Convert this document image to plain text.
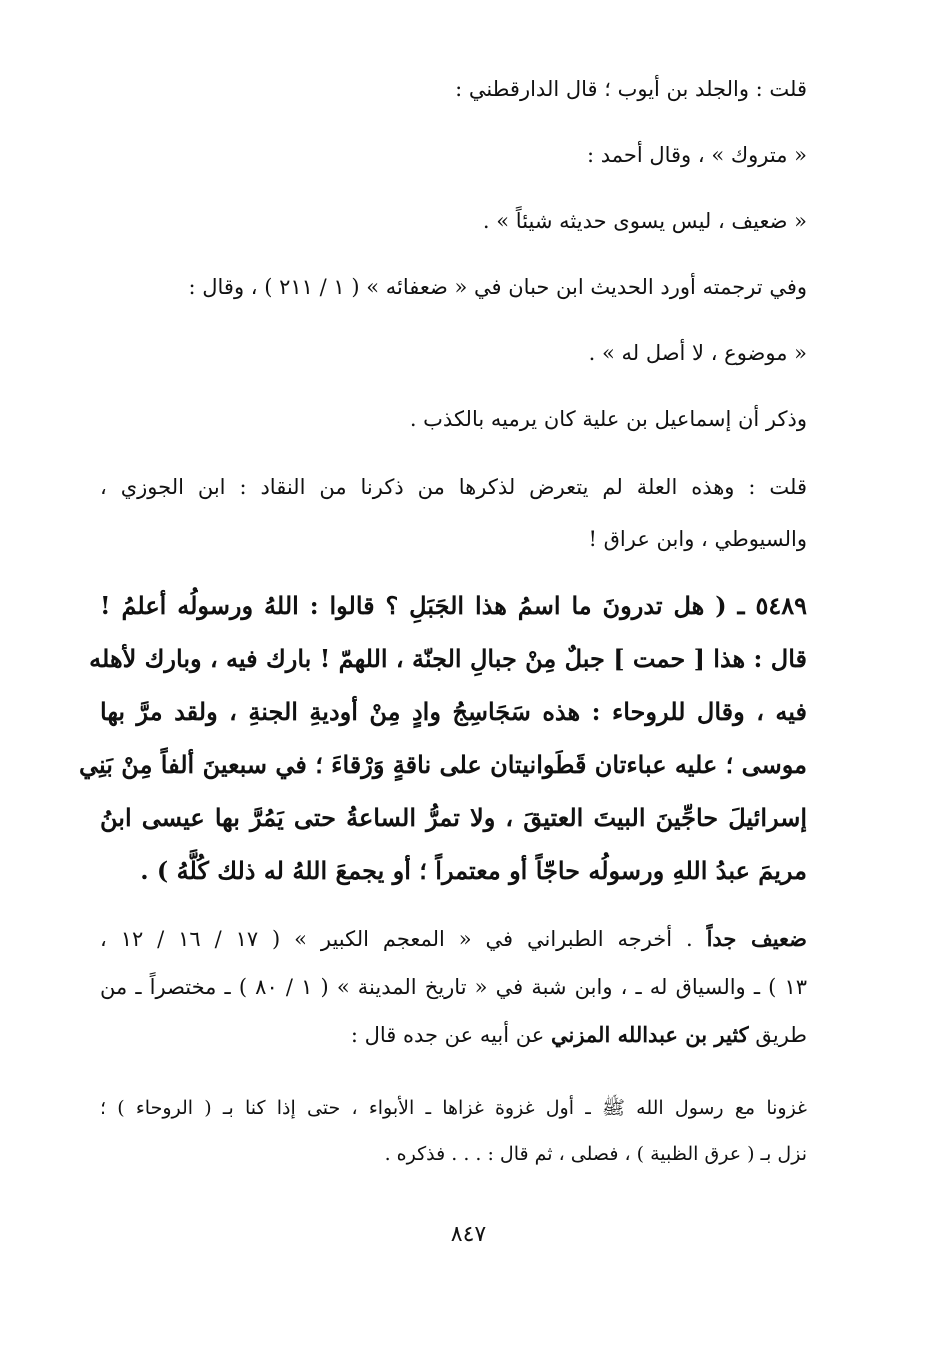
قلت : والجلد بن أيوب ؛ قال الدارقطني :
« متروك » ، وقال أحمد :
« ضعيف ، ليس يسوى حديثه شيئاً » .
وفي ترجمته أورد الحديث ابن حبان في « ضعفائه » ( ١ / ٢١١ ) ، وقال :
« موضوع ، لا أصل له » .
وذكر أن إسماعيل بن علية كان يرميه بالكذب .
قلت : وهذه العلة لم يتعرض لذكرها من ذكرنا من النقاد : ابن الجوزي ،
والسيوطي ، وابن عراق !
٥٤٨٩ ـ ( هل تدرونَ ما اسمُ هذا الجَبَلِ ؟ قالوا : اللهُ ورسولُه أعلمُ !
قال : هذا [ حمت ] جبلٌ مِنْ جبالِ الجنّة ، اللهمّ ! بارك فيه ، وبارك لأهله
فيه ، وقال للروحاء : هذه سَجَاسِجُ وادٍ مِنْ أوديةِ الجنةِ ، ولقد مرَّ بها
موسى ؛ عليه عباءتان قَطَوانيتان على ناقةٍ وَرْقاءَ ؛ في سبعينَ ألفاً مِنْ بَنِي
إسرائيلَ حاجِّينَ البيتَ العتيقَ ، ولا تمرُّ الساعةُ حتى يَمُرَّ بها عيسى ابنُ
مريمَ عبدُ اللهِ ورسولُه حاجّاً أو معتمراً ؛ أو يجمعَ اللهُ له ذلك كُلَّهُ ) .
ضعيف جداً . أخرجه الطبراني في « المعجم الكبير » ( ١٧ / ١٦ / ١٢ ،
١٣ ) ـ والسياق له ـ ، وابن شبة في « تاريخ المدينة » ( ١ / ٨٠ ) ـ مختصراً ـ من
طريق كثير بن عبدالله المزني عن أبيه عن جده قال :
غزونا مع رسول الله ﷺ ـ أول غزوة غزاها ـ الأبواء ، حتى إذا كنا بـ ( الروحاء ) ؛
نزل بـ ( عرق الظبية ) ، فصلى ، ثم قال : . . . فذكره .
٨٤٧
